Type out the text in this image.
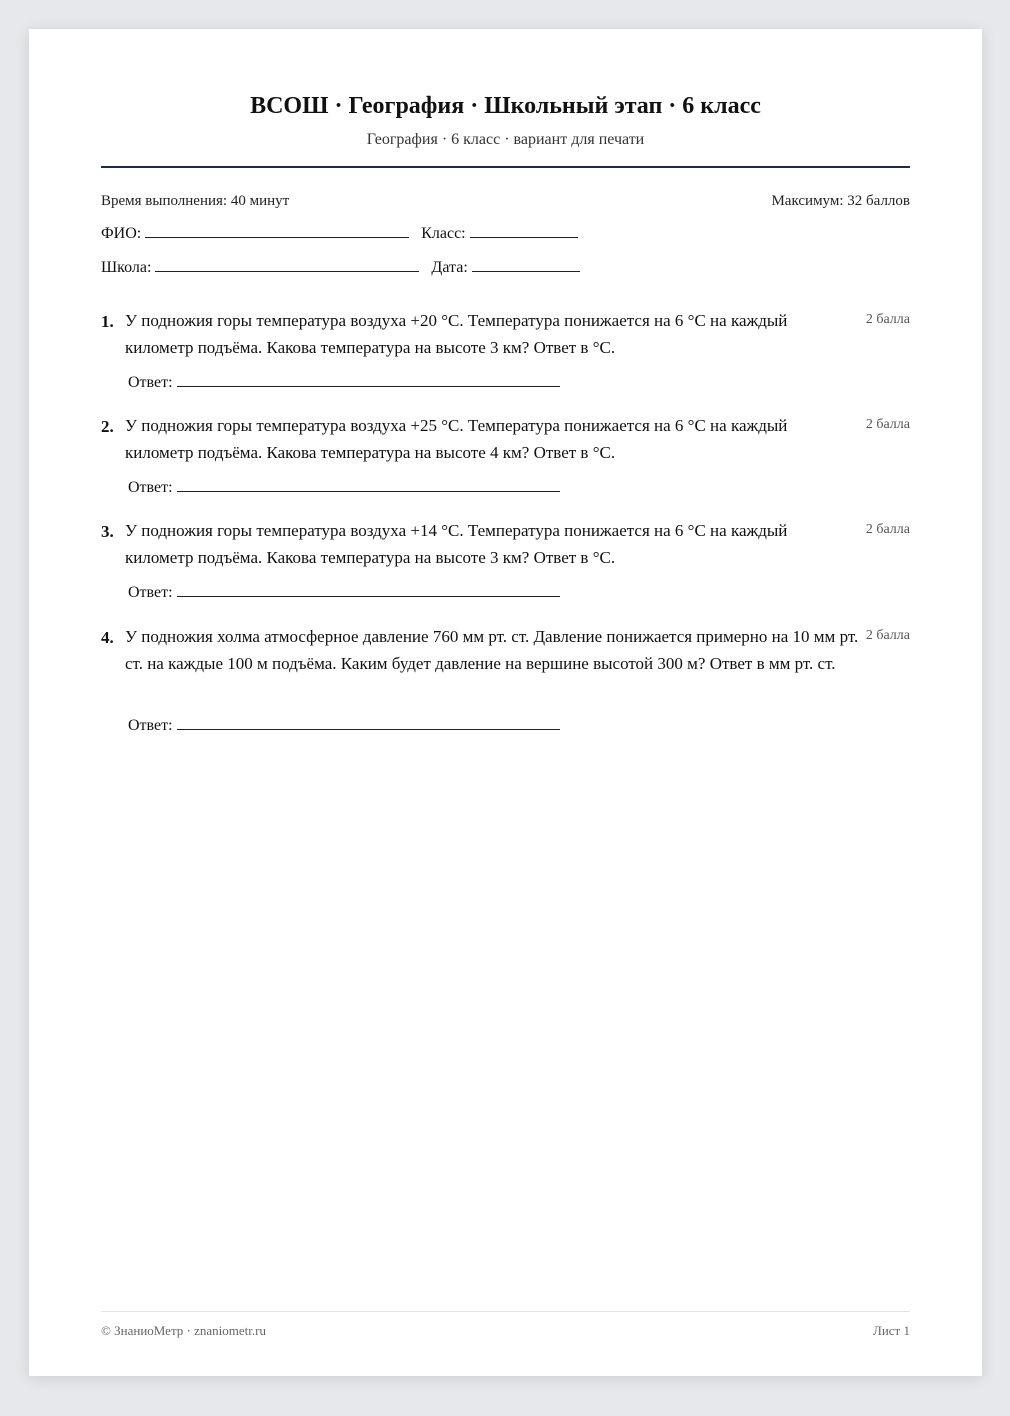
ВСОШ · География · Школьный этап · 6 класс
География · 6 класс · вариант для печати
Время выполнения: 40 минут	Максимум: 32 баллов
ФИО:	Класс:
Школа:	Дата:
1. У подножия горы температура воздуха +20 °C. Температура понижается на 6 °C на каждый километр подъёма. Какова температура на высоте 3 км? Ответ в °C.
2 балла
Ответ:
2. У подножия горы температура воздуха +25 °C. Температура понижается на 6 °C на каждый километр подъёма. Какова температура на высоте 4 км? Ответ в °C.
2 балла
Ответ:
3. У подножия горы температура воздуха +14 °C. Температура понижается на 6 °C на каждый километр подъёма. Какова температура на высоте 3 км? Ответ в °C.
2 балла
Ответ:
4. У подножия холма атмосферное давление 760 мм рт. ст. Давление понижается примерно на 10 мм рт. ст. на каждые 100 м подъёма. Каким будет давление на вершине высотой 300 м? Ответ в мм рт. ст.
2 балла
Ответ:
© ЗнаниоМетр · znaniometr.ru	Лист 1
